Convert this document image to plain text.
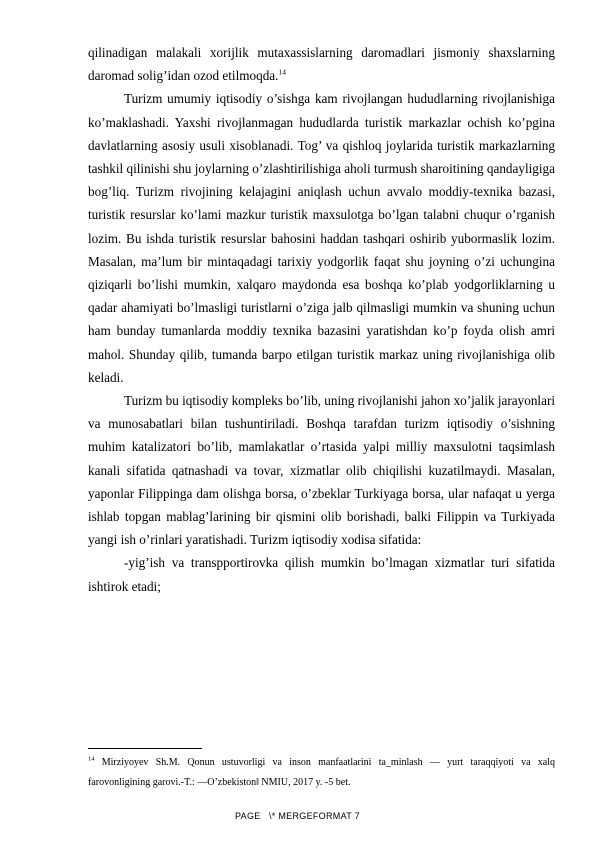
qilinadigan malakali xorijlik mutaxassislarning daromadlari jismoniy shaxslarning daromad solig’idan ozod etilmoqda.$^{14}$

Turizm umumiy iqtisodiy o’sishga kam rivojlangan hududlarning rivojlanishiga ko’maklashadi. Yaxshi rivojlanmagan hududlarda turistik markazlar ochish ko’pgina davlatlarning asosiy usuli xisoblanadi. Tog’ va qishloq joylarida turistik markazlarning tashkil qilinishi shu joylarning o’zlashtirilishiga aholi turmush sharoitining qandayligiga bog’liq. Turizm rivojining kelajagini aniqlash uchun avvalo moddiy-texnika bazasi, turistik resurslar ko’lami mazkur turistik maxsulotga bo’lgan talabni chuqur o’rganish lozim. Bu ishda turistik resurslar bahosini haddan tashqari oshirib yubormaslik lozim. Masalan, ma’lum bir mintaqadagi tarixiy yodgorlik faqat shu joyning o’zi uchungina qiziqarli bo’lishi mumkin, xalqaro maydonda esa boshqa ko’plab yodgorliklarning u qadar ahamiyati bo’lmasligi turistlarni o’ziga jalb qilmasligi mumkin va shuning uchun ham bunday tumanlarda moddiy texnika bazasini yaratishdan ko’p foyda olish amri mahol. Shunday qilib, tumanda barpo etilgan turistik markaz uning rivojlanishiga olib keladi.

Turizm bu iqtisodiy kompleks bo’lib, uning rivojlanishi jahon xo’jalik jarayonlari va munosabatlari bilan tushuntiriladi. Boshqa tarafdan turizm iqtisodiy o’sishning muhim katalizatori bo’lib, mamlakatlar o’rtasida yalpi milliy maxsulotni taqsimlash kanali sifatida qatnashadi va tovar, xizmatlar olib chiqilishi kuzatilmaydi. Masalan, yaponlar Filippinga dam olishga borsa, o’zbeklar Turkiyaga borsa, ular nafaqat u yerga ishlab topgan mablag’larining bir qismini olib borishadi, balki Filippin va Turkiyada yangi ish o’rinlari yaratishadi. Turizm iqtisodiy xodisa sifatida:

-yig’ish va transpportirovka qilish mumkin bo’lmagan xizmatlar turi sifatida ishtirok etadi;

$^{14}$ Mirziyoyev Sh.M. Qonun ustuvorligi va inson manfaatlarini ta_minlash — yurt taraqqiyoti va xalq farovonligining garovi.-T.: ―O’zbekiston‖ NMIU, 2017 y. -5 bet.
PAGE   \* MERGEFORMAT 7
